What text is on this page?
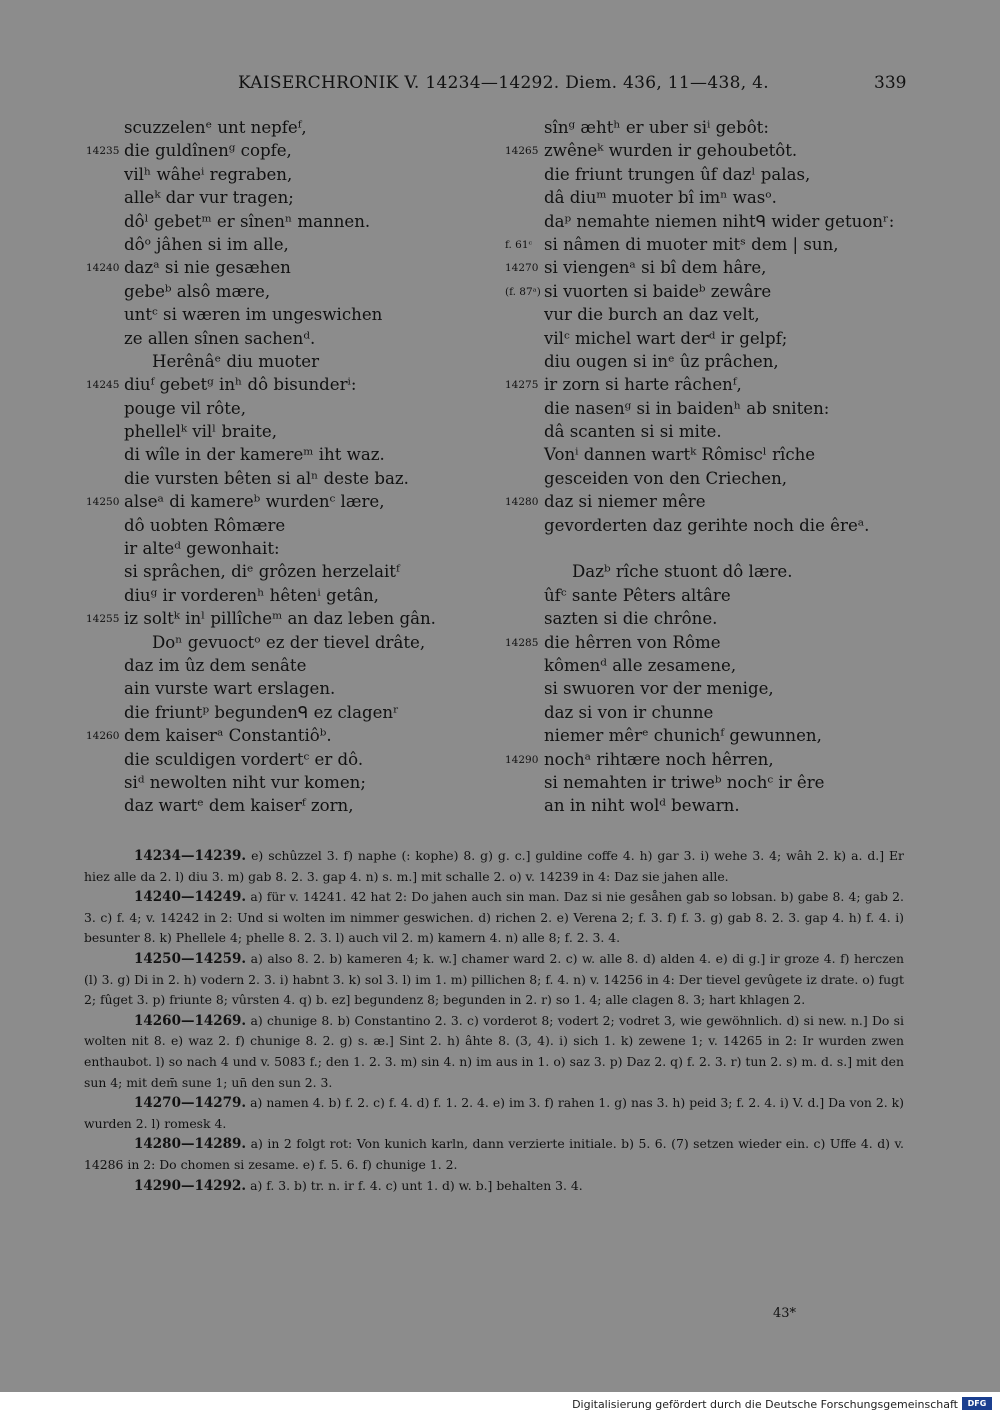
KAISERCHRONIK V. 14234—14292. Diem. 436, 11—438, 4.	339
scuzzelenᵉ unt nepfeᶠ,
14235 die guldînenᵍ copfe,
vilʰ wâheⁱ regraben,
alleᵏ dar vur tragen;
dôˡ gebetᵐ er sînenⁿ mannen.
dôᵒ jâhen si im alle,
14240 dazᵃ si nie gesæhen
gebeᵇ alsô mære,
untᶜ si wæren im ungeswichen
ze allen sînen sachenᵈ.
Herênâᵉ diu muoter
14245 diuᶠ gebetᵍ inʰ dô bisunderⁱ:
pouge vil rôte,
phellelᵏ vilˡ braite,
di wîle in der kamereᵐ iht waz.
die vursten bêten si alⁿ deste baz.
14250 alseᵃ di kamereᵇ wurdenᶜ lære,
dô uobten Rômære
ir alteᵈ gewonhait:
si sprâchen, diᵉ grôzen herzelaitᶠ
diuᵍ ir vorderenʰ hêtenⁱ getân,
14255 iz soltᵏ inˡ pillîcheᵐ an daz leben gân.
Doⁿ gevuoctᵒ ez der tievel drâte,
daz im ûz dem senâte
ain vurste wart erslagen.
die friuntᵖ begundenᑫ ez clagenʳ
14260 dem kaiserᵃ Constantiôᵇ.
die sculdigen vordertᶜ er dô.
siᵈ newolten niht vur komen;
daz wartᵉ dem kaiserᶠ zorn,
sînᵍ æhtʰ er uber siⁱ gebôt:
14265 zwêneᵏ wurden ir gehoubetôt.
die friunt trungen ûf dazˡ palas,
dâ diuᵐ muoter bî imⁿ wasᵒ.
daᵖ nemahte niemen nihtᑫ wider getuonʳ:
f. 61ᶜ si nâmen di muoter mitˢ dem | sun,
14270 si viengenᵃ si bî dem hâre,
(f. 87ᵃ) si vuorten si baideᵇ zewâre
vur die burch an daz velt,
vilᶜ michel wart derᵈ ir gelpf;
diu ougen si inᵉ ûz prâchen,
14275 ir zorn si harte râchenᶠ,
die nasenᵍ si in baidenʰ ab sniten:
dâ scanten si si mite.
Vonⁱ dannen wartᵏ Rômiscˡ rîche
gesceiden von den Criechen,
14280 daz si niemer mêre
gevorderten daz gerihte noch die êreᵃ.
Dazᵇ rîche stuont dô lære.
ûfᶜ sante Pêters altâre
sazten si die chrône.
14285 die hêrren von Rôme
kômenᵈ alle zesamene,
si swuoren vor der menige,
daz si von ir chunne
niemer mêrᵉ chunichᶠ gewunnen,
14290 nochᵃ rihtære noch hêrren,
si nemahten ir triweᵇ nochᶜ ir êre
an in niht wolᵈ bewarn.

14234—14239. e) schûzzel 3. f) naphe (: kophe) 8. g) g. c.] guldine coffe 4. h) gar 3. i) wehe 3. 4; wâh 2. k) a. d.] Er hiez alle da 2. l) diu 3. m) gab 8. 2. 3. gap 4. n) s. m.] mit schalle 2. o) v. 14239 in 4: Daz sie jahen alle.

14240—14249. a) für v. 14241. 42 hat 2: Do jahen auch sin man. Daz si nie gesåhen gab so lobsan. b) gabe 8. 4; gab 2. 3. c) f. 4; v. 14242 in 2: Und si wolten im nimmer geswichen. d) richen 2. e) Verena 2; f. 3. f) f. 3. g) gab 8. 2. 3. gap 4. h) f. 4. i) besunter 8. k) Phellele 4; phelle 8. 2. 3. l) auch vil 2. m) kamern 4. n) alle 8; f. 2. 3. 4.

14250—14259. a) also 8. 2. b) kameren 4; k. w.] chamer ward 2. c) w. alle 8. d) alden 4. e) di g.] ir groze 4. f) herczen (l) 3. g) Di in 2. h) vodern 2. 3. i) habnt 3. k) sol 3. l) im 1. m) pillichen 8; f. 4. n) v. 14256 in 4: Der tievel gevûgete iz drate. o) fugt 2; fûget 3. p) friunte 8; vûrsten 4. q) b. ez] begundenz 8; begunden in 2. r) so 1. 4; alle clagen 8. 3; hart khlagen 2.

14260—14269. a) chunige 8. b) Constantino 2. 3. c) vorderot 8; vodert 2; vodret 3, wie gewöhnlich. d) si new. n.] Do si wolten nit 8. e) waz 2. f) chunige 8. 2. g) s. æ.] Sint 2. h) âhte 8. (3, 4). i) sich 1. k) zewene 1; v. 14265 in 2: Ir wurden zwen enthaubot. l) so nach 4 und v. 5083 f.; den 1. 2. 3. m) sin 4. n) im aus in 1. o) saz 3. p) Daz 2. q) f. 2. 3. r) tun 2. s) m. d. s.] mit den sun 4; mit dem̄ sune 1; un̄ den sun 2. 3.

14270—14279. a) namen 4. b) f. 2. c) f. 4. d) f. 1. 2. 4. e) im 3. f) rahen 1. g) nas 3. h) peid 3; f. 2. 4. i) V. d.] Da von 2. k) wurden 2. l) romesk 4.

14280—14289. a) in 2 folgt rot: Von kunich karln, dann verzierte initiale. b) 5. 6. (7) setzen wieder ein. c) Uffe 4. d) v. 14286 in 2: Do chomen si zesame. e) f. 5. 6. f) chunige 1. 2.

14290—14292. a) f. 3. b) tr. n. ir f. 4. c) unt 1. d) w. b.] behalten 3. 4.

43*
Digitalisierung gefördert durch die Deutsche Forschungsgemeinschaft	DFG
